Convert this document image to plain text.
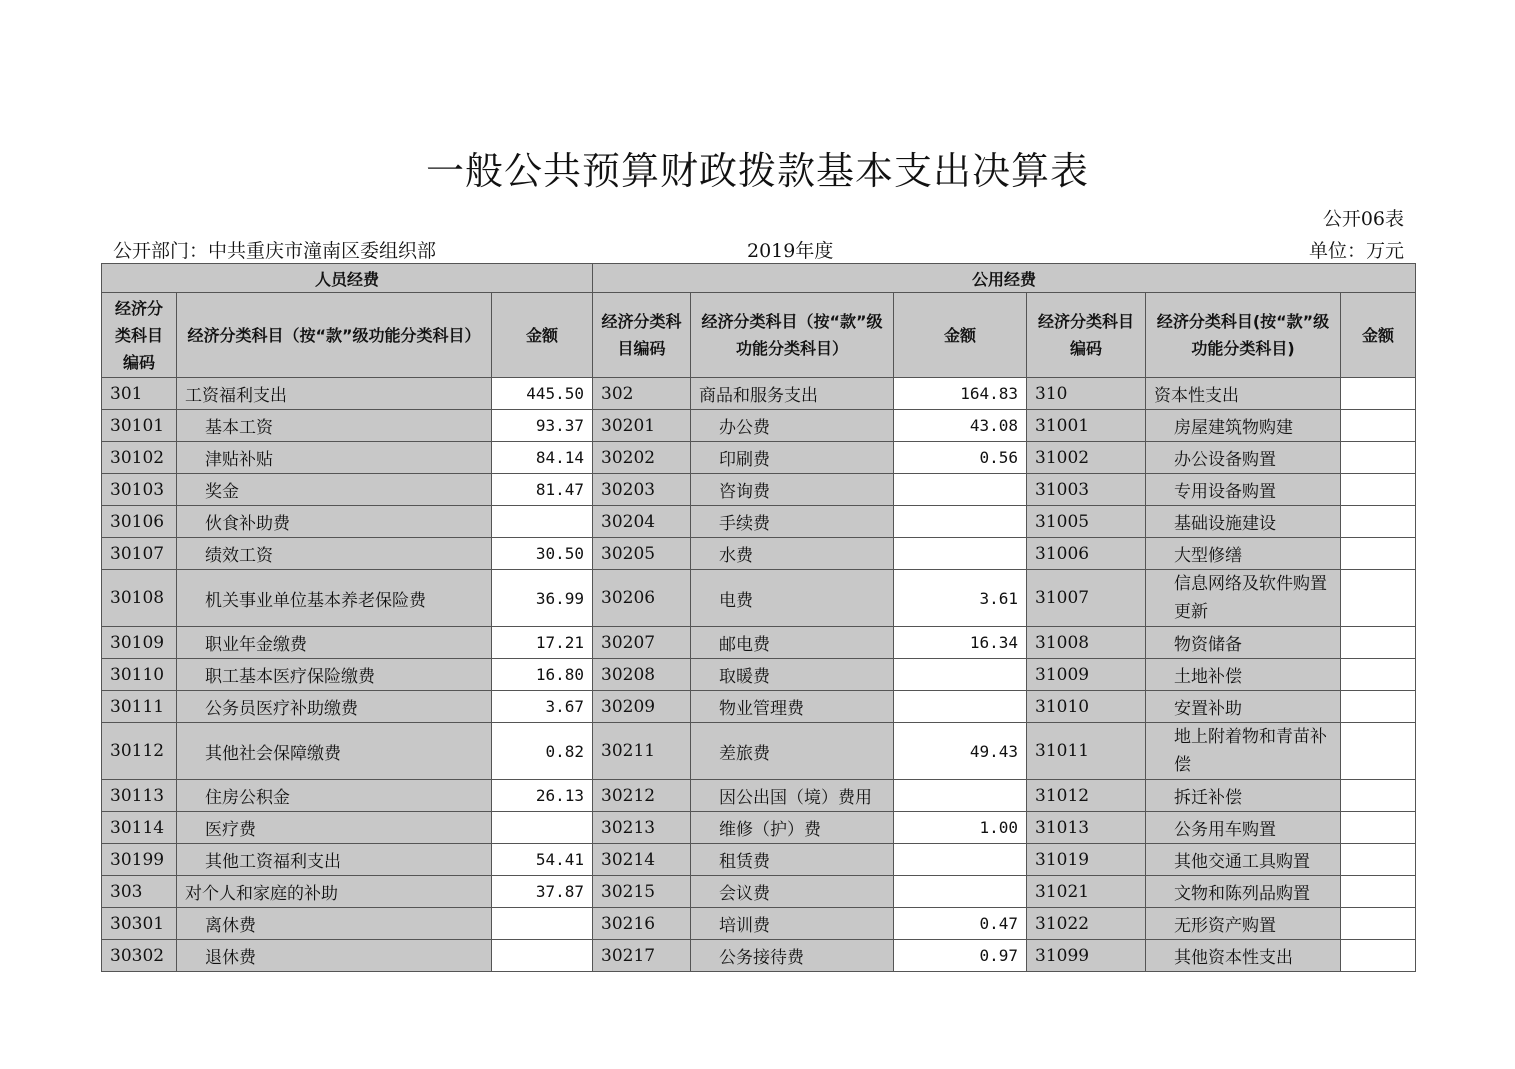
一般公共预算财政拨款基本支出决算表
公开06表
公开部门：中共重庆市潼南区委组织部	2019年度	单位：万元
人员经费			公用经费					
经济分类科目编码	经济分类科目（按“款”级功能分类科目）	金额	经济分类科目编码	经济分类科目（按“款”级功能分类科目）	金额	经济分类科目编码	经济分类科目(按“款”级功能分类科目)	金额
301	工资福利支出	445.50	302	商品和服务支出	164.83	310	资本性支出	
30101	基本工资	93.37	30201	办公费	43.08	31001	房屋建筑物购建	
30102	津贴补贴	84.14	30202	印刷费	0.56	31002	办公设备购置	
30103	奖金	81.47	30203	咨询费		31003	专用设备购置	
30106	伙食补助费		30204	手续费		31005	基础设施建设	
30107	绩效工资	30.50	30205	水费		31006	大型修缮	
30108	机关事业单位基本养老保险费	36.99	30206	电费	3.61	31007	信息网络及软件购置更新	
30109	职业年金缴费	17.21	30207	邮电费	16.34	31008	物资储备	
30110	职工基本医疗保险缴费	16.80	30208	取暖费		31009	土地补偿	
30111	公务员医疗补助缴费	3.67	30209	物业管理费		31010	安置补助	
30112	其他社会保障缴费	0.82	30211	差旅费	49.43	31011	地上附着物和青苗补偿	
30113	住房公积金	26.13	30212	因公出国（境）费用		31012	拆迁补偿	
30114	医疗费		30213	维修（护）费	1.00	31013	公务用车购置	
30199	其他工资福利支出	54.41	30214	租赁费		31019	其他交通工具购置	
303	对个人和家庭的补助	37.87	30215	会议费		31021	文物和陈列品购置	
30301	离休费		30216	培训费	0.47	31022	无形资产购置	
30302	退休费		30217	公务接待费	0.97	31099	其他资本性支出	
